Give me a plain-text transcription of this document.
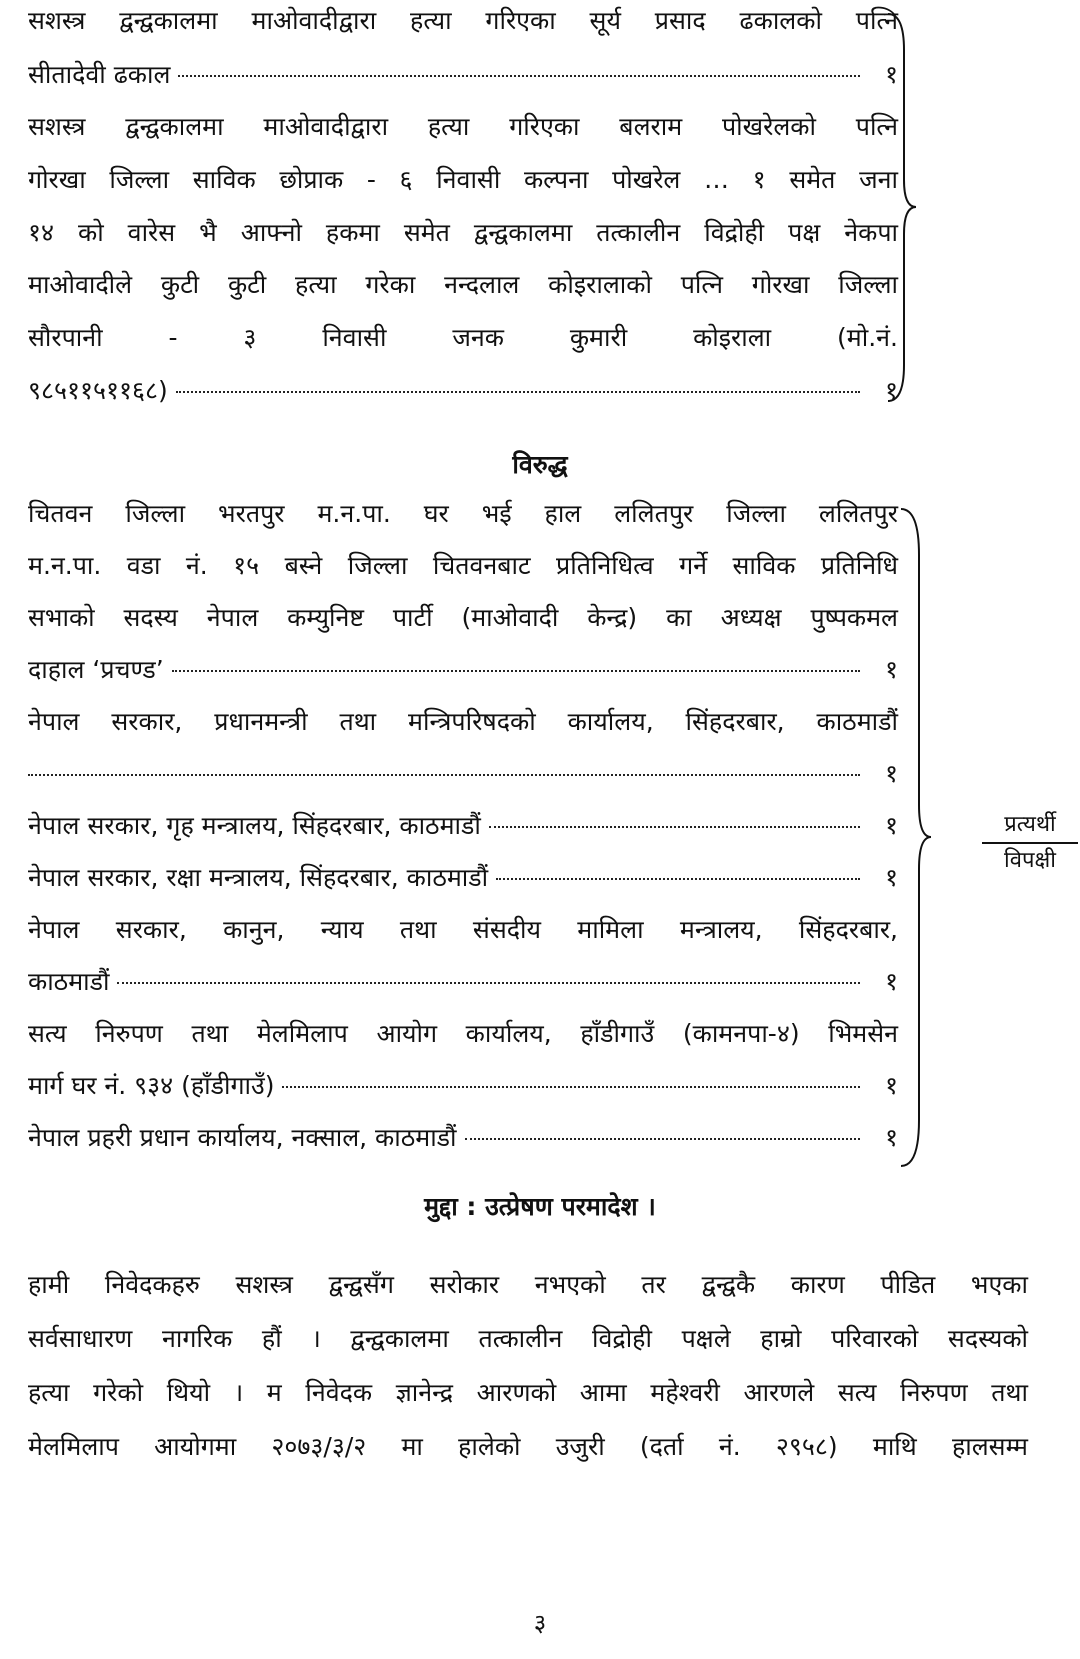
सशस्त्र द्वन्द्वकालमा माओवादीद्वारा हत्या गरिएका सूर्य प्रसाद ढकालको पत्नि
सीतादेवी ढकाल	१
सशस्त्र द्वन्द्वकालमा माओवादीद्वारा हत्या गरिएका बलराम पोखरेलको पत्नि
गोरखा जिल्ला साविक छोप्राक - ६ निवासी कल्पना पोखरेल … १ समेत जना
१४ को वारेस भै आफ्नो हकमा समेत द्वन्द्वकालमा तत्कालीन विद्रोही पक्ष नेकपा
माओवादीले कुटी कुटी हत्या गरेका नन्दलाल कोइरालाको पत्नि गोरखा जिल्ला
सौरपानी - ३ निवासी जनक कुमारी कोइराला (मो.नं.
९८५११५११६८)	१
विरुद्ध
चितवन जिल्ला भरतपुर म.न.पा. घर भई हाल ललितपुर जिल्ला ललितपुर
म.न.पा. वडा नं. १५ बस्ने जिल्ला चितवनबाट प्रतिनिधित्व गर्ने साविक प्रतिनिधि
सभाको सदस्य नेपाल कम्युनिष्ट पार्टी (माओवादी केन्द्र) का अध्यक्ष पुष्पकमल
दाहाल ‘प्रचण्ड’	१
नेपाल सरकार, प्रधानमन्त्री तथा मन्त्रिपरिषदको कार्यालय, सिंहदरबार, काठमाडौं
१
नेपाल सरकार, गृह मन्त्रालय, सिंहदरबार, काठमाडौं	१
नेपाल सरकार, रक्षा मन्त्रालय, सिंहदरबार, काठमाडौं	१
नेपाल सरकार, कानुन, न्याय तथा संसदीय मामिला मन्त्रालय, सिंहदरबार,
काठमाडौं	१
सत्य निरुपण तथा मेलमिलाप आयोग कार्यालय, हाँडीगाउँ (कामनपा-४) भिमसेन
मार्ग घर नं. ९३४ (हाँडीगाउँ)	१
नेपाल प्रहरी प्रधान कार्यालय, नक्साल, काठमाडौं	१
प्रत्यर्थी
विपक्षी
मुद्दा : उत्प्रेषण परमादेश ।
हामी निवेदकहरु सशस्त्र द्वन्द्वसँग सरोकार नभएको तर द्वन्द्वकै कारण पीडित भएका
सर्वसाधारण नागरिक हौं । द्वन्द्वकालमा तत्कालीन विद्रोही पक्षले हाम्रो परिवारको सदस्यको
हत्या गरेको थियो । म निवेदक ज्ञानेन्द्र आरणको आमा महेश्वरी आरणले सत्य निरुपण तथा
मेलमिलाप आयोगमा २०७३/३/२ मा हालेको उजुरी (दर्ता नं. २९५८) माथि हालसम्म
३
